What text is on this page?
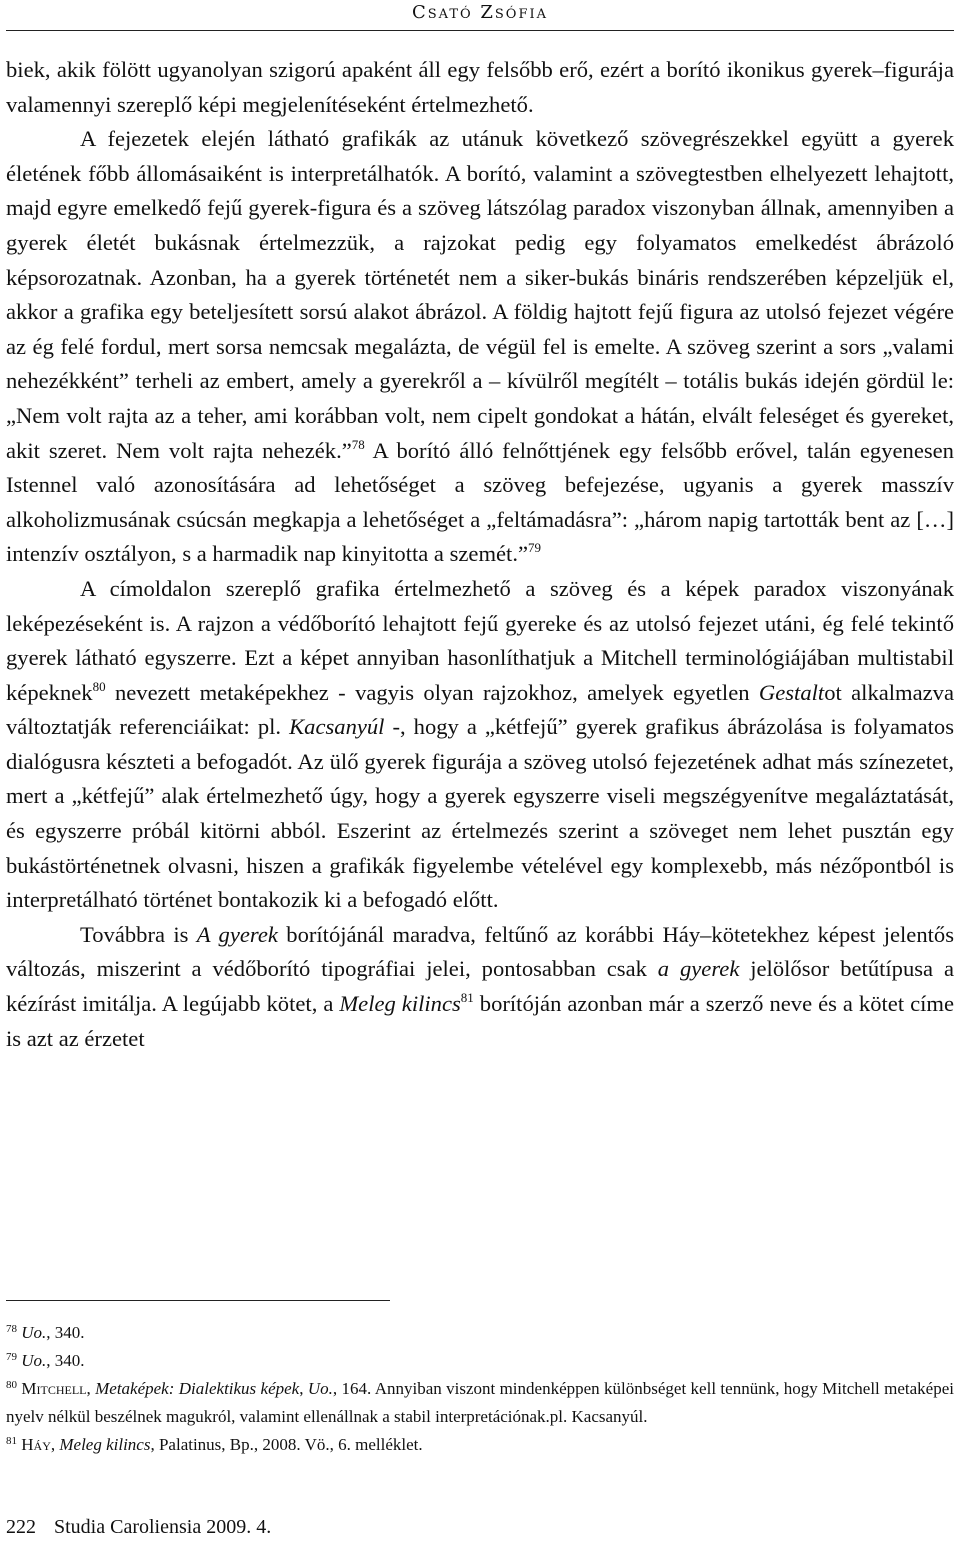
Csató Zsófia

biek, akik fölött ugyanolyan szigorú apaként áll egy felsőbb erő, ezért a borító ikonikus gyerek–figurája valamennyi szereplő képi megjelenítéseként értelmezhető.

A fejezetek elején látható grafikák az utánuk következő szövegrészekkel együtt a gyerek életének főbb állomásaiként is interpretálhatók. A borító, valamint a szövegtestben elhelyezett lehajtott, majd egyre emelkedő fejű gyerek-figura és a szöveg látszólag paradox viszonyban állnak, amennyiben a gyerek életét bukásnak értelmezzük, a rajzokat pedig egy folyamatos emelkedést ábrázoló képsorozatnak. Azonban, ha a gyerek történetét nem a siker-bukás bináris rendszerében képzeljük el, akkor a grafika egy beteljesített sorsú alakot ábrázol. A földig hajtott fejű figura az utolsó fejezet végére az ég felé fordul, mert sorsa nemcsak megalázta, de végül fel is emelte. A szöveg szerint a sors „valami nehezékként” terheli az embert, amely a gyerekről a – kívülről megítélt – totális bukás idején gördül le: „Nem volt rajta az a teher, ami korábban volt, nem cipelt gondokat a hátán, elvált feleséget és gyereket, akit szeret. Nem volt rajta nehezék.”$^{78}$ A borító álló felnőttjének egy felsőbb erővel, talán egyenesen Istennel való azonosítására ad lehetőséget a szöveg befejezése, ugyanis a gyerek masszív alkoholizmusának csúcsán megkapja a lehetőséget a „feltámadásra”: „három napig tartották bent az […] intenzív osztályon, s a harmadik nap kinyitotta a szemét.”$^{79}$

A címoldalon szereplő grafika értelmezhető a szöveg és a képek paradox viszonyának leképezéseként is. A rajzon a védőborító lehajtott fejű gyereke és az utolsó fejezet utáni, ég felé tekintő gyerek látható egyszerre. Ezt a képet annyiban hasonlíthatjuk a Mitchell terminológiájában multistabil képeknek$^{80}$ nevezett metaképekhez - vagyis olyan rajzokhoz, amelyek egyetlen Gestaltot alkalmazva változtatják referenciáikat: pl. Kacsanyúl -, hogy a „kétfejű” gyerek grafikus ábrázolása is folyamatos dialógusra készteti a befogadót. Az ülő gyerek figurája a szöveg utolsó fejezetének adhat más színezetet, mert a „kétfejű” alak értelmezhető úgy, hogy a gyerek egyszerre viseli megszégyenítve megaláztatását, és egyszerre próbál kitörni abból. Eszerint az értelmezés szerint a szöveget nem lehet pusztán egy bukástörténetnek olvasni, hiszen a grafikák figyelembe vételével egy komplexebb, más nézőpontból is interpretálható történet bontakozik ki a befogadó előtt.

Továbbra is A gyerek borítójánál maradva, feltűnő az korábbi Háy–kötetekhez képest jelentős változás, miszerint a védőborító tipográfiai jelei, pontosabban csak a gyerek jelölősor betűtípusa a kézírást imitálja. A legújabb kötet, a Meleg kilincs$^{81}$ borítóján azonban már a szerző neve és a kötet címe is azt az érzetet

$^{78}$ Uo., 340.
$^{79}$ Uo., 340.
$^{80}$ Mitchell, Metaképek: Dialektikus képek, Uo., 164. Annyiban viszont mindenképpen különbséget kell tennünk, hogy Mitchell metaképei nyelv nélkül beszélnek magukról, valamint ellenállnak a stabil interpretációnak.pl. Kacsanyúl.
$^{81}$ Háy, Meleg kilincs, Palatinus, Bp., 2008. Vö., 6. melléklet.
222 Studia Caroliensia 2009. 4.
